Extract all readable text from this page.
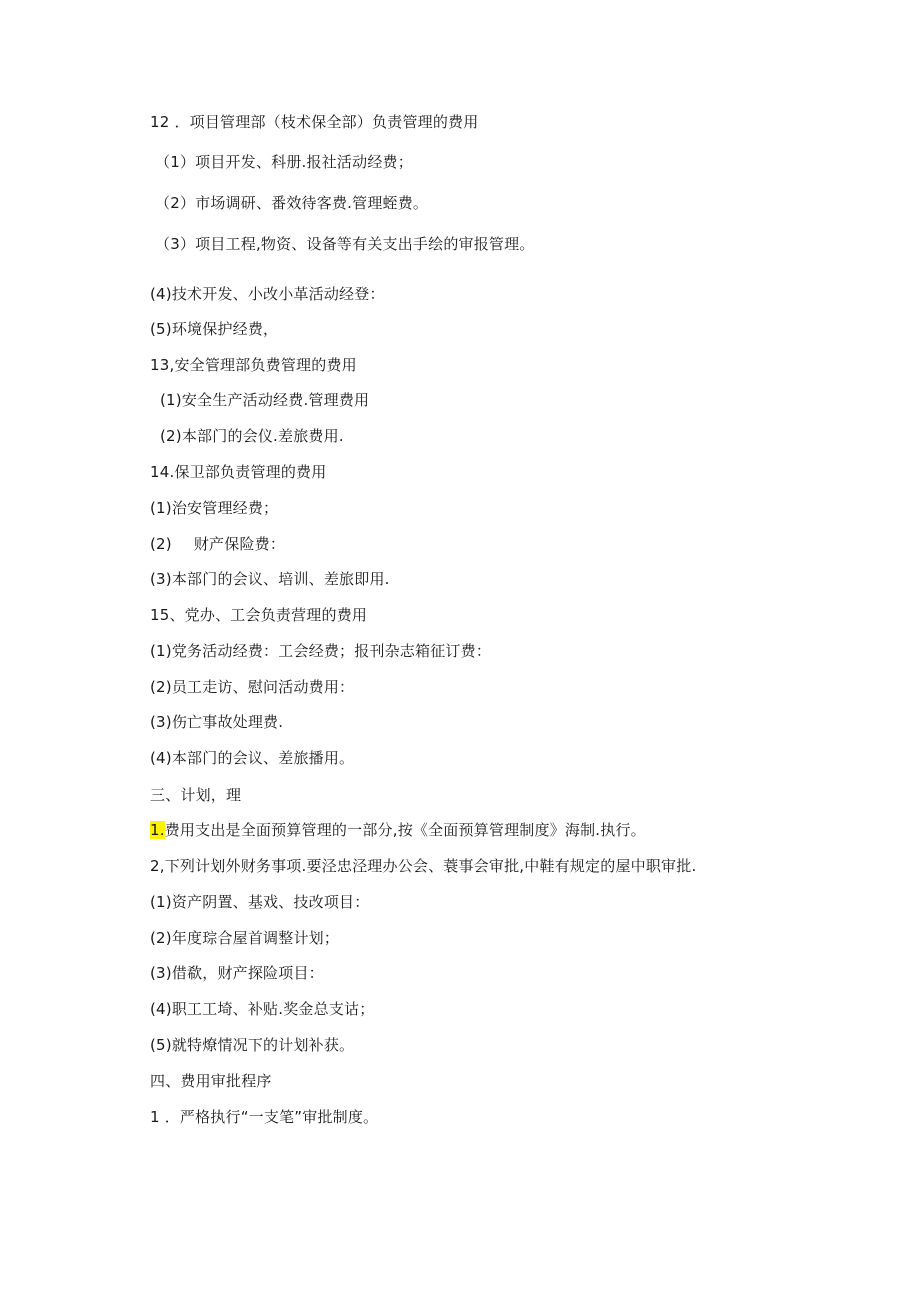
12 ．项目管理部（枝术保全部）负责管理的费用
（1）项目开发、科册.报社活动经费；
（2）市场调研、番效待客费.管理蛭费。
（3）项目工程,物资、设备等有关支出手绘的审报管理。
(4)技术开发、小改小革活动经登：
(5)环境保护经费，
13,安全管理部负费管理的费用
(1)安全生产活动经费.管理费用
(2)本部门的会仪.差旅费用.
14.保卫部负责管理的费用
(1)治安管理经费；
(2) 财产保险费：
(3)本部门的会议、培训、差旅即用.
15、党办、工会负责营理的费用
(1)党务活动经费：工会经费；报刊杂志箱征订费：
(2)员工走访、慰问活动费用：
(3)伤亡事故处理费.
(4)本部门的会议、差旅播用。
三、计划，理
1.费用支出是全面预算管理的一部分,按《全面预算管理制度》海制.执行。
2,下列计划外财务事项.要泾忠泾理办公会、蓑事会审批,中鞋有规定的屋中职审批.
(1)资产阴置、基戏、技改项目：
(2)年度琮合屋首调整计划；
(3)借欷，财产探险项目：
(4)职工工埼、补贴.奖金总支诂；
(5)就特燎情况下的计划补获。
四、费用审批程序
1 ．严格执行“一支笔”审批制度。
